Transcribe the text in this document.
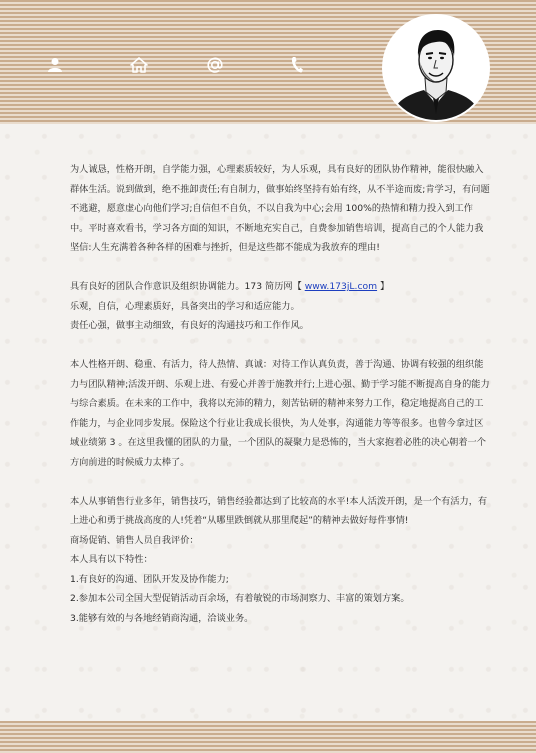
为人诚恳，性格开朗，自学能力强，心理素质较好，为人乐观，具有良好的团队协作精神，能很快融入群体生活。说到做到，绝不推卸责任;有自制力，做事始终坚持有始有终，从不半途而废;肯学习，有问题不逃避，愿意虚心向他们学习;自信但不自负，不以自我为中心;会用 100%的热情和精力投入到工作中。平时喜欢看书，学习各方面的知识，不断地充实自己，自费参加销售培训，提高自己的个人能力我坚信:人生充满着各种各样的困难与挫折，但是这些都不能成为我放弃的理由!

具有良好的团队合作意识及组织协调能力。173 简历网【 www.173jL.com 】

乐观，自信，心理素质好，具备突出的学习和适应能力。

责任心强，做事主动细致，有良好的沟通技巧和工作作风。

本人性格开朗、稳重、有活力，待人热情、真诚：对待工作认真负责，善于沟通、协调有较强的组织能力与团队精神;活泼开朗、乐观上进、有爱心并善于施教并行;上进心强、勤于学习能不断提高自身的能力与综合素质。在未来的工作中，我将以充沛的精力，刻苦钻研的精神来努力工作，稳定地提高自己的工作能力，与企业同步发展。保险这个行业让我成长很快，为人处事，沟通能力等等很多。也曾今拿过区域业绩第 3 。在这里我懂的团队的力量，一个团队的凝聚力是恐怖的，当大家抱着必胜的决心朝着一个方向前进的时候威力太棒了。

本人从事销售行业多年，销售技巧，销售经验都达到了比较高的水平!本人活泼开朗，是一个有活力，有上进心和勇于挑战高度的人!凭着“从哪里跌倒就从那里爬起”的精神去做好每件事情!

商场促销、销售人员自我评价：

本人具有以下特性：

1.有良好的沟通、团队开发及协作能力;

2.参加本公司全国大型促销活动百余场，有着敏锐的市场洞察力、丰富的策划方案。

3.能够有效的与各地经销商沟通，洽谈业务。
